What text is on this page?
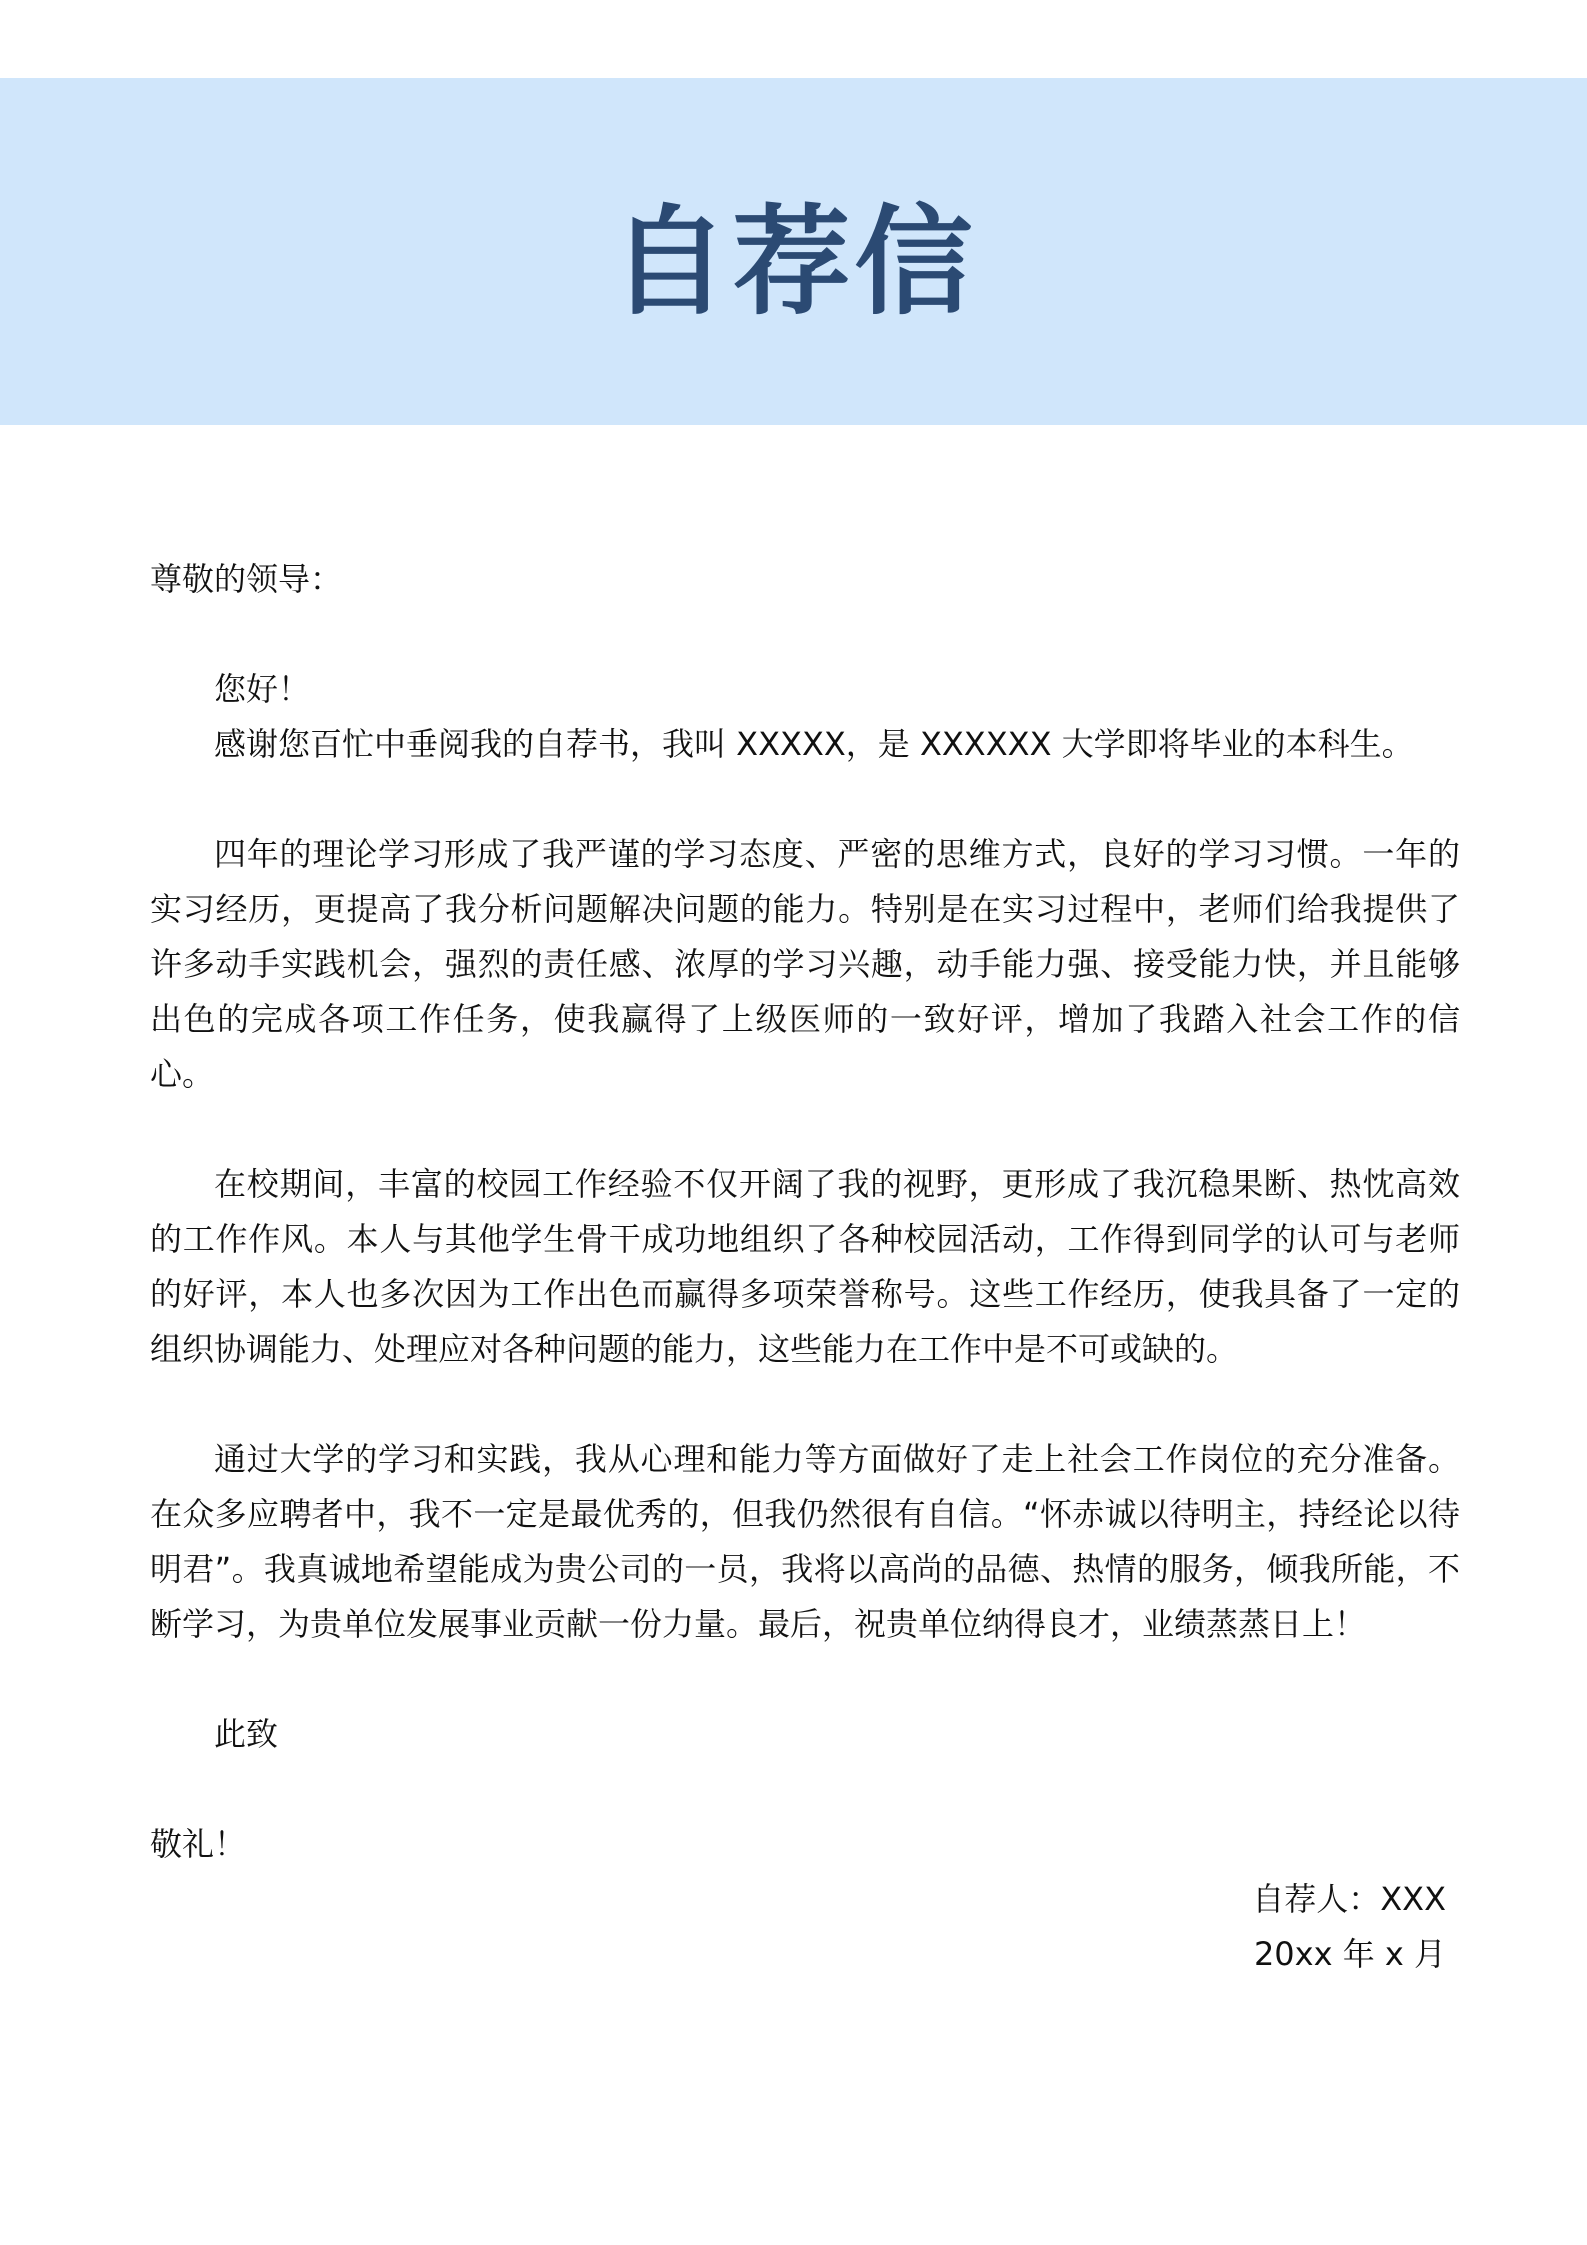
自荐信

尊敬的领导：

您好！

感谢您百忙中垂阅我的自荐书，我叫 XXXXX，是 XXXXXX 大学即将毕业的本科生。

四年的理论学习形成了我严谨的学习态度、严密的思维方式，良好的学习习惯。一年的实习经历，更提高了我分析问题解决问题的能力。特别是在实习过程中，老师们给我提供了许多动手实践机会，强烈的责任感、浓厚的学习兴趣，动手能力强、接受能力快，并且能够出色的完成各项工作任务，使我赢得了上级医师的一致好评，增加了我踏入社会工作的信心。

在校期间，丰富的校园工作经验不仅开阔了我的视野，更形成了我沉稳果断、热忱高效的工作作风。本人与其他学生骨干成功地组织了各种校园活动，工作得到同学的认可与老师的好评，本人也多次因为工作出色而赢得多项荣誉称号。这些工作经历，使我具备了一定的组织协调能力、处理应对各种问题的能力，这些能力在工作中是不可或缺的。

通过大学的学习和实践，我从心理和能力等方面做好了走上社会工作岗位的充分准备。在众多应聘者中，我不一定是最优秀的，但我仍然很有自信。“怀赤诚以待明主，持经论以待明君”。我真诚地希望能成为贵公司的一员，我将以高尚的品德、热情的服务，倾我所能，不断学习，为贵单位发展事业贡献一份力量。最后，祝贵单位纳得良才，业绩蒸蒸日上！

此致

敬礼！

自荐人：XXX

20xx 年 x 月
